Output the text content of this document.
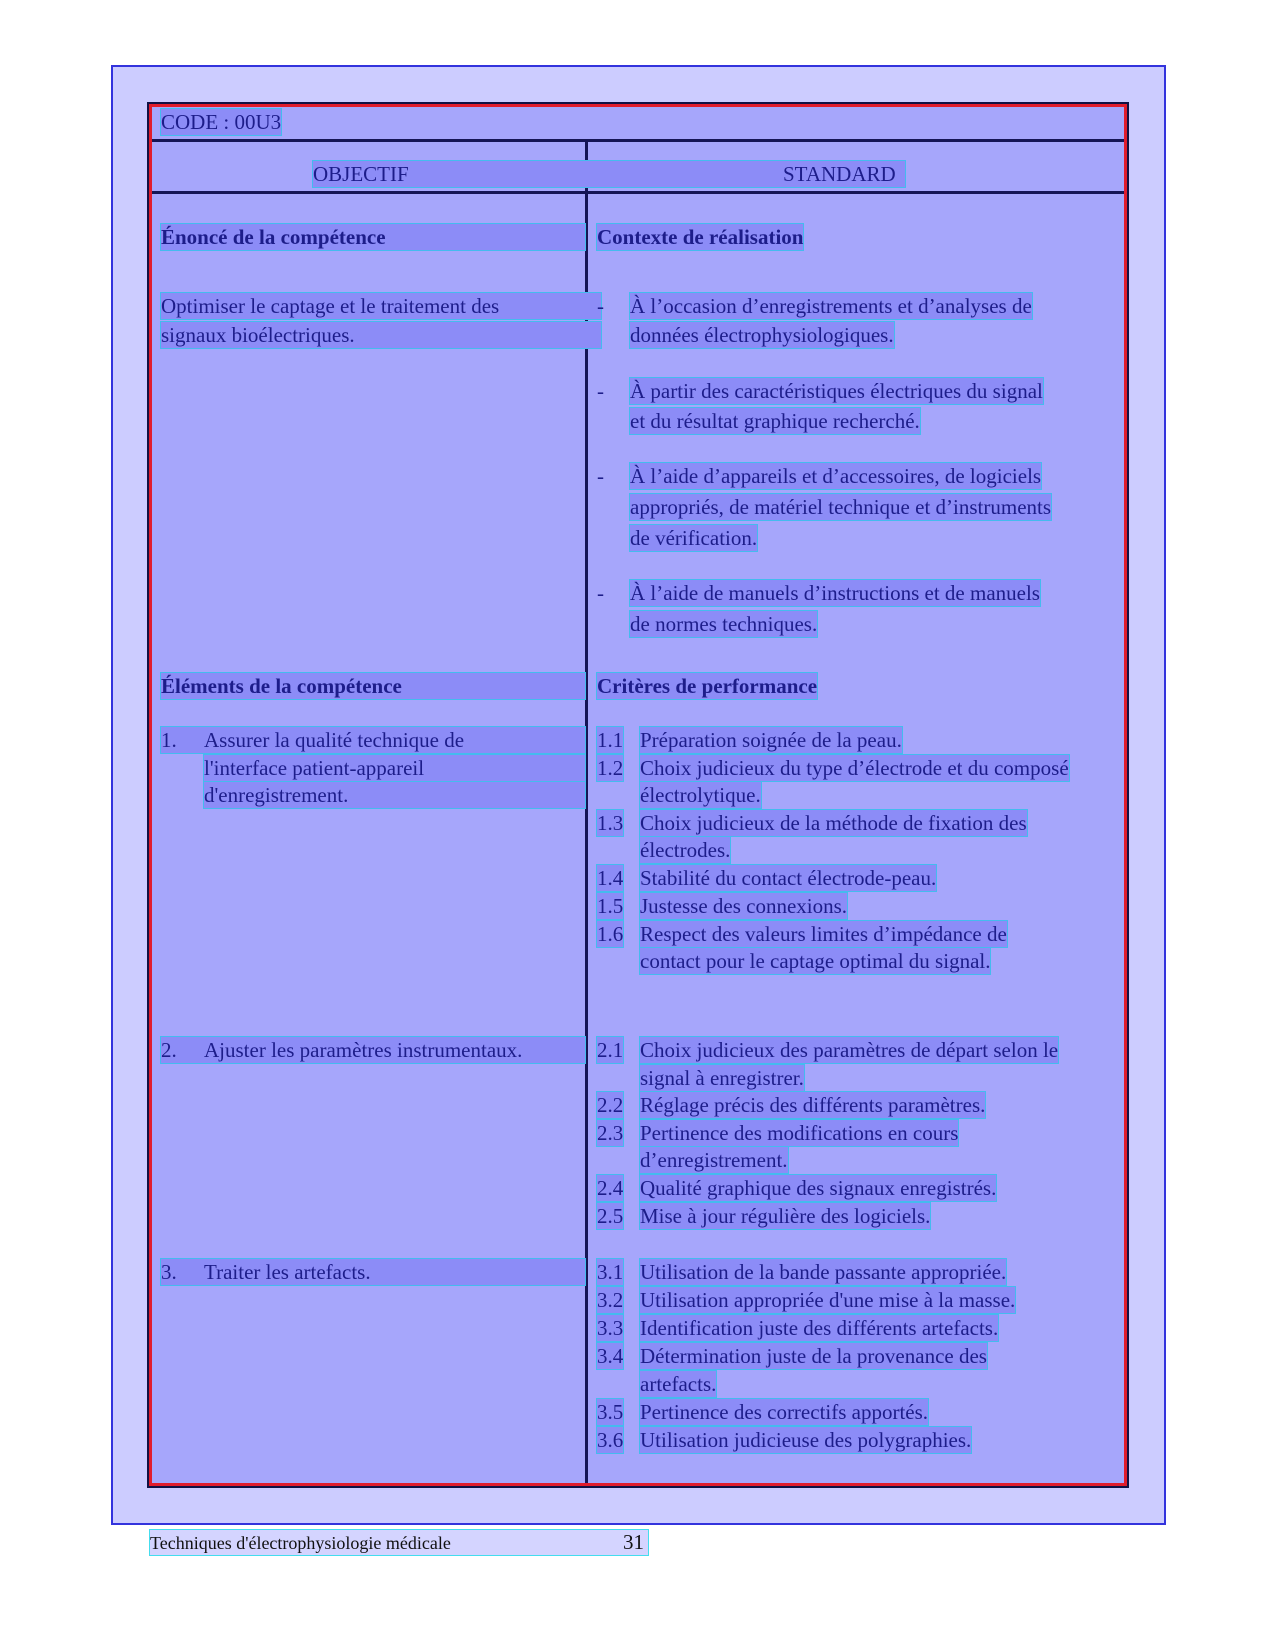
CODE : 00U3
OBJECTIF	STANDARD
Énoncé de la compétence
Optimiser le captage et le traitement des
signaux bioélectriques.
Éléments de la compétence
1. Assurer la qualité technique de
l'interface patient-appareil
d'enregistrement.
2. Ajuster les paramètres instrumentaux.
3. Traiter les artefacts.
Contexte de réalisation
- À l’occasion d’enregistrements et d’analyses de
données électrophysiologiques.
- À partir des caractéristiques électriques du signal
et du résultat graphique recherché.
- À l’aide d’appareils et d’accessoires, de logiciels
appropriés, de matériel technique et d’instruments
de vérification.
- À l’aide de manuels d’instructions et de manuels
de normes techniques.
Critères de performance
1.1 Préparation soignée de la peau.
1.2 Choix judicieux du type d’électrode et du composé
électrolytique.
1.3 Choix judicieux de la méthode de fixation des
électrodes.
1.4 Stabilité du contact électrode-peau.
1.5 Justesse des connexions.
1.6 Respect des valeurs limites d’impédance de
contact pour le captage optimal du signal.
2.1 Choix judicieux des paramètres de départ selon le
signal à enregistrer.
2.2 Réglage précis des différents paramètres.
2.3 Pertinence des modifications en cours
d’enregistrement.
2.4 Qualité graphique des signaux enregistrés.
2.5 Mise à jour régulière des logiciels.
3.1 Utilisation de la bande passante appropriée.
3.2 Utilisation appropriée d'une mise à la masse.
3.3 Identification juste des différents artefacts.
3.4 Détermination juste de la provenance des
artefacts.
3.5 Pertinence des correctifs apportés.
3.6 Utilisation judicieuse des polygraphies.
Techniques d'électrophysiologie médicale	31
